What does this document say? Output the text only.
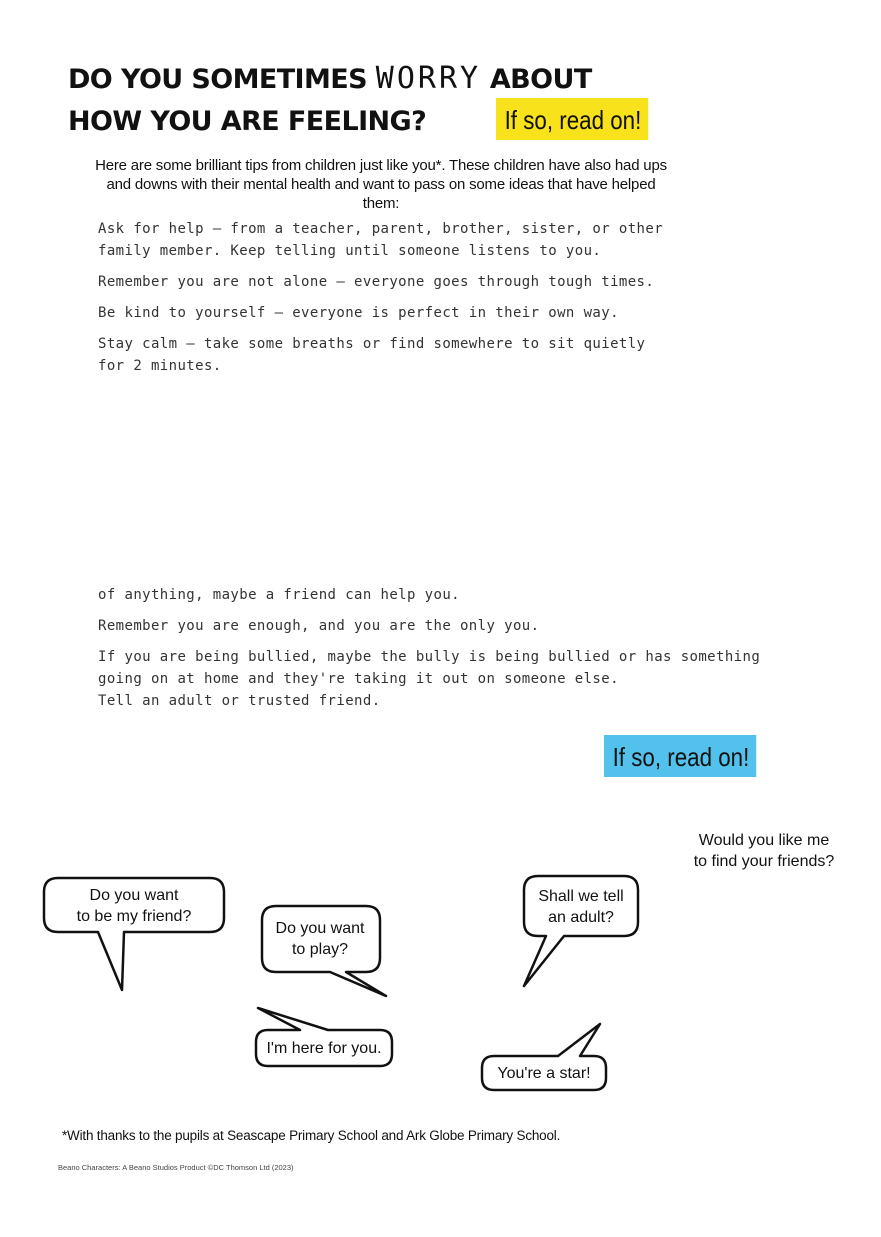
DO YOU SOMETIMES WORRY ABOUT
HOW YOU ARE FEELING?	If so, read on!

Here are some brilliant tips from children just like you*. These children have also had ups and downs with their mental health and want to pass on some ideas that have helped them:

Ask for help – from a teacher, parent, brother, sister, or other
family member. Keep telling until someone listens to you.

Remember you are not alone – everyone goes through tough times.

Be kind to yourself – everyone is perfect in their own way.

Stay calm – take some breaths or find somewhere to sit quietly
for 2 minutes.

of anything, maybe a friend can help you.

Remember you are enough, and you are the only you.

If you are being bullied, maybe the bully is being bullied or has something
going on at home and they're taking it out on someone else.
Tell an adult or trusted friend.

If so, read on!
Do you want
to be my friend?
Do you want
to play?
Shall we tell
an adult?
I'm here for you.
You're a star!
Would you like me
to find your friends?
*With thanks to the pupils at Seascape Primary School and Ark Globe Primary School.
Beano Characters: A Beano Studios Product ©DC Thomson Ltd (2023)
